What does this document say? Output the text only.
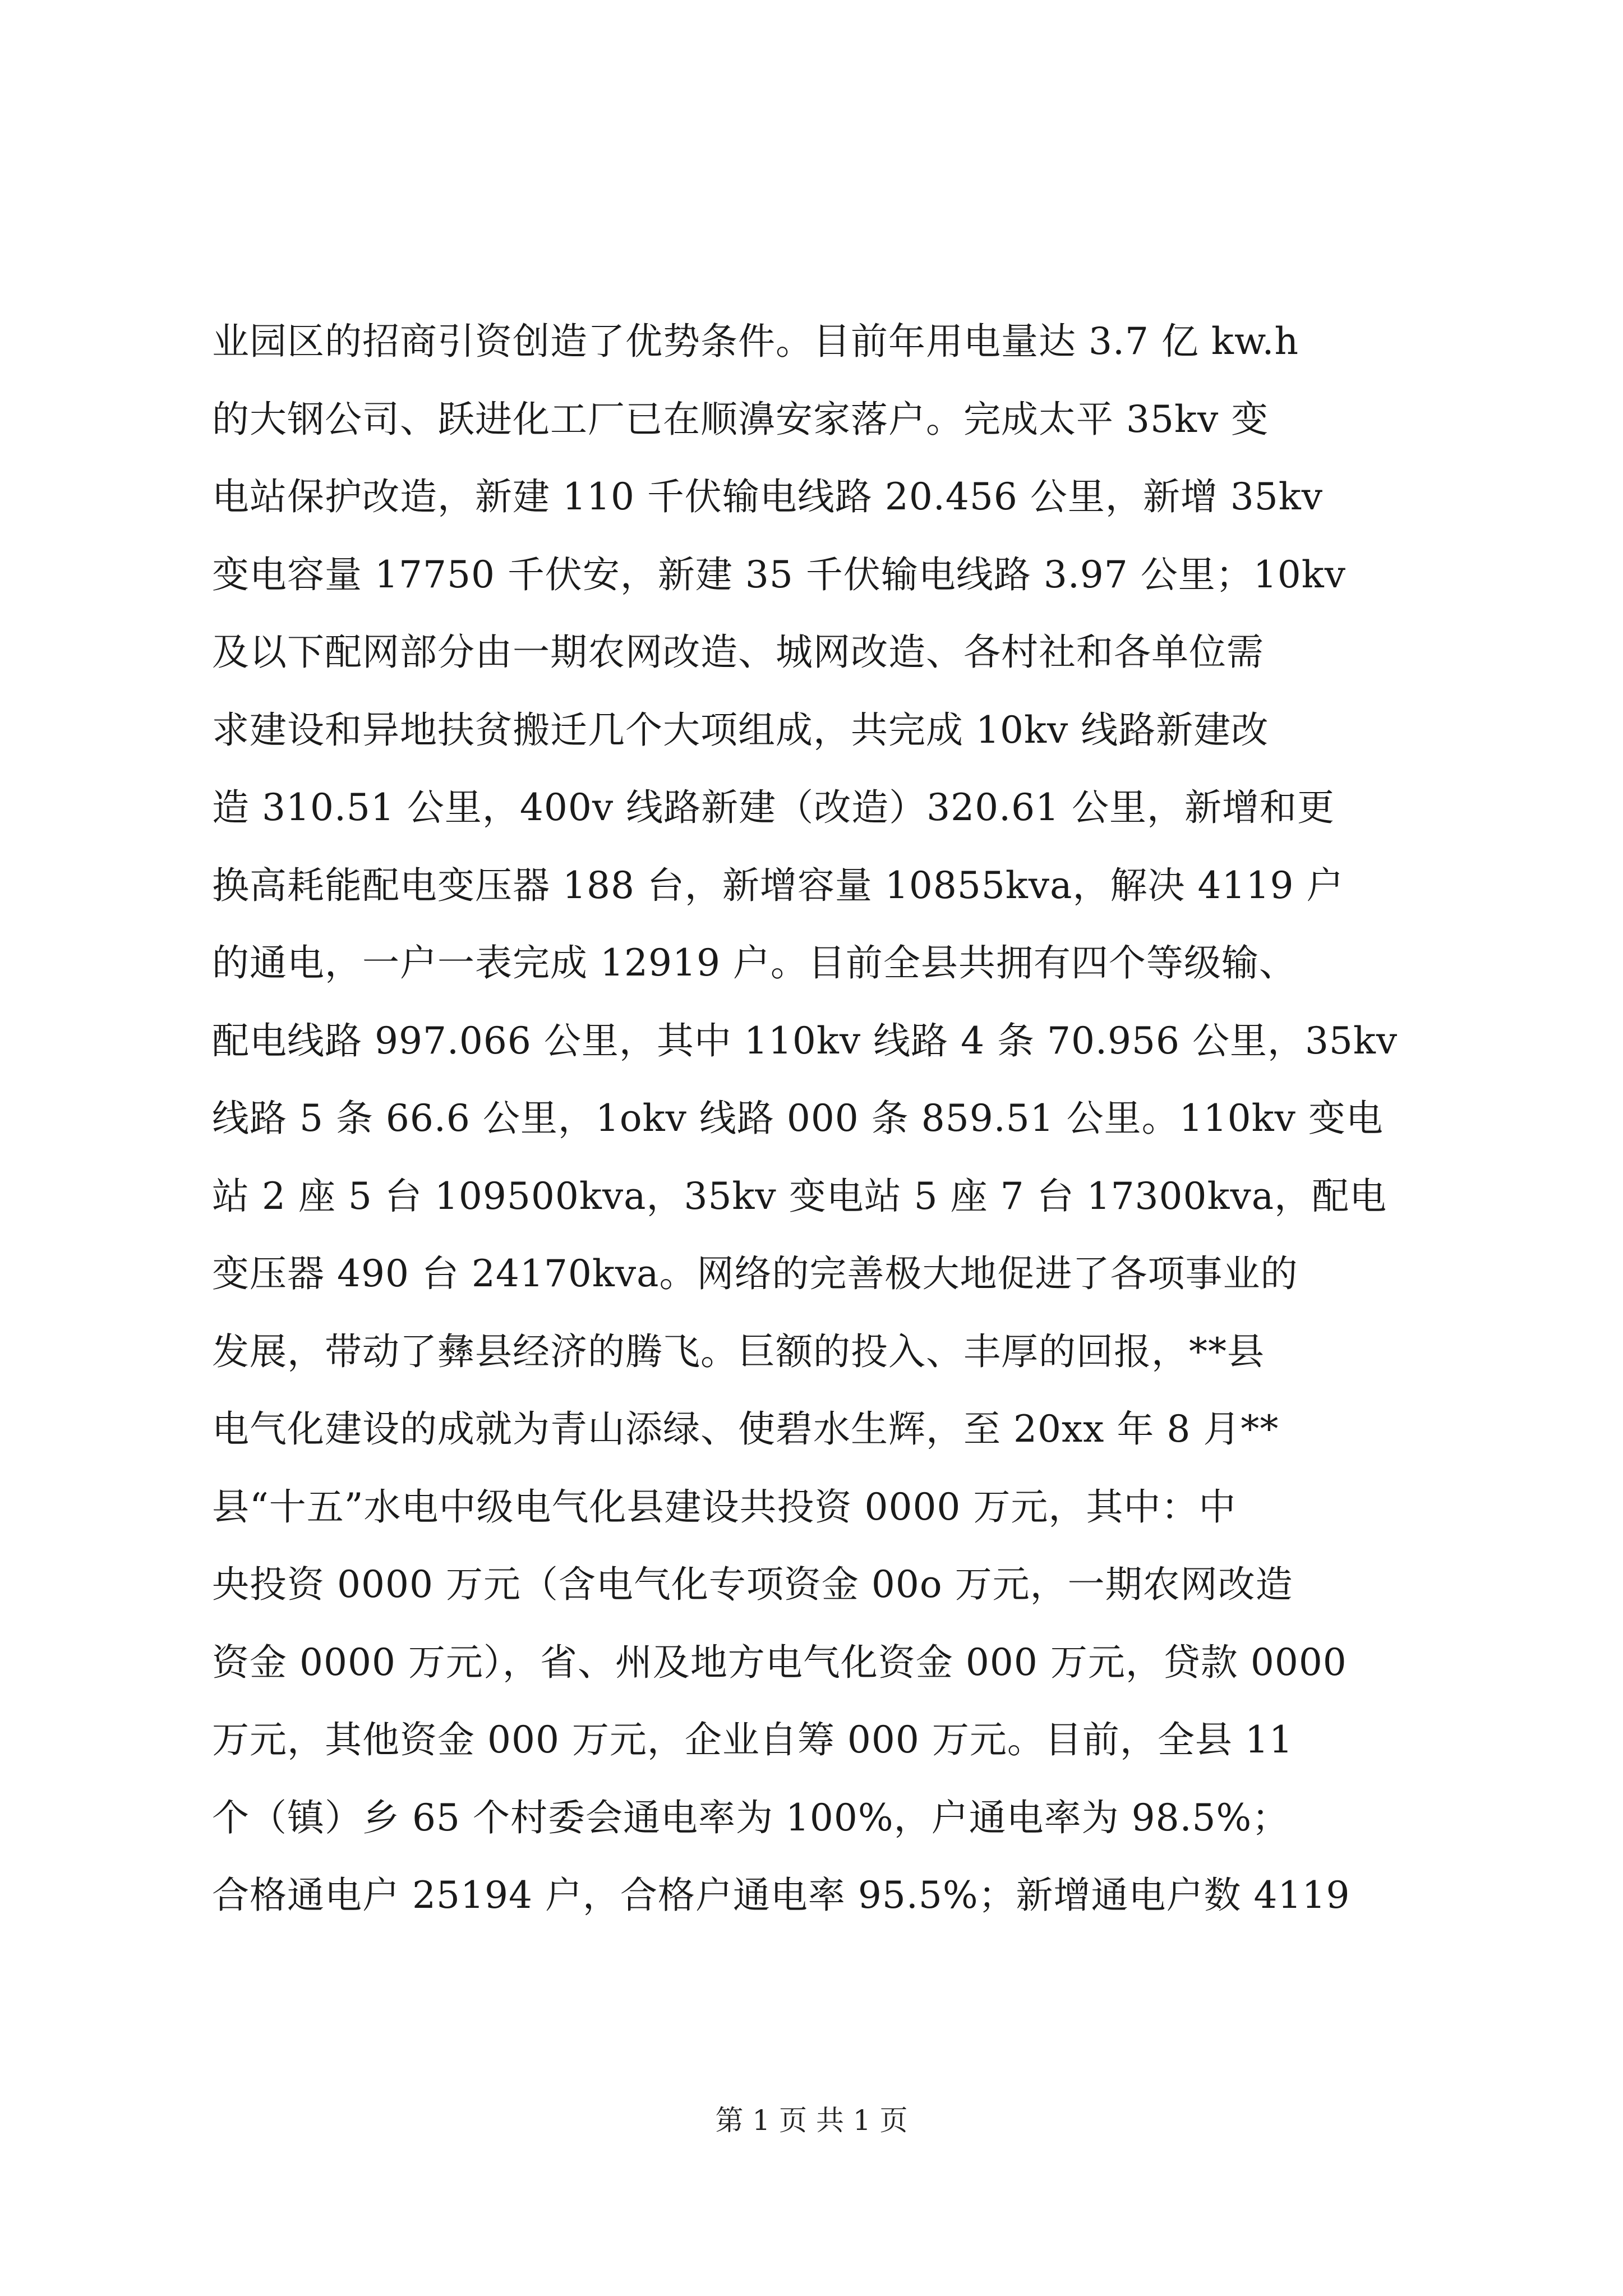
业园区的招商引资创造了优势条件。目前年用电量达 3.7 亿 kw.h
的大钢公司、跃进化工厂已在顺濞安家落户。完成太平 35kv 变
电站保护改造，新建 110 千伏输电线路 20.456 公里，新增 35kv
变电容量 17750 千伏安，新建 35 千伏输电线路 3.97 公里；10kv
及以下配网部分由一期农网改造、城网改造、各村社和各单位需
求建设和异地扶贫搬迁几个大项组成，共完成 10kv 线路新建改
造 310.51 公里，400v 线路新建（改造）320.61 公里，新增和更
换高耗能配电变压器 188 台，新增容量 10855kva，解决 4119 户
的通电，一户一表完成 12919 户。目前全县共拥有四个等级输、
配电线路 997.066 公里，其中 110kv 线路 4 条 70.956 公里，35kv
线路 5 条 66.6 公里，1okv 线路 000 条 859.51 公里。110kv 变电
站 2 座 5 台 109500kva，35kv 变电站 5 座 7 台 17300kva，配电
变压器 490 台 24170kva。网络的完善极大地促进了各项事业的
发展，带动了彝县经济的腾飞。巨额的投入、丰厚的回报，**县
电气化建设的成就为青山添绿、使碧水生辉，至 20xx 年 8 月**
县“十五”水电中级电气化县建设共投资 0000 万元，其中：中
央投资 0000 万元（含电气化专项资金 00o 万元，一期农网改造
资金 0000 万元），省、州及地方电气化资金 000 万元，贷款 0000
万元，其他资金 000 万元，企业自筹 000 万元。目前，全县 11
个（镇）乡 65 个村委会通电率为 100%，户通电率为 98.5%；
合格通电户 25194 户，合格户通电率 95.5%；新增通电户数 4119
第 1 页 共 1 页
